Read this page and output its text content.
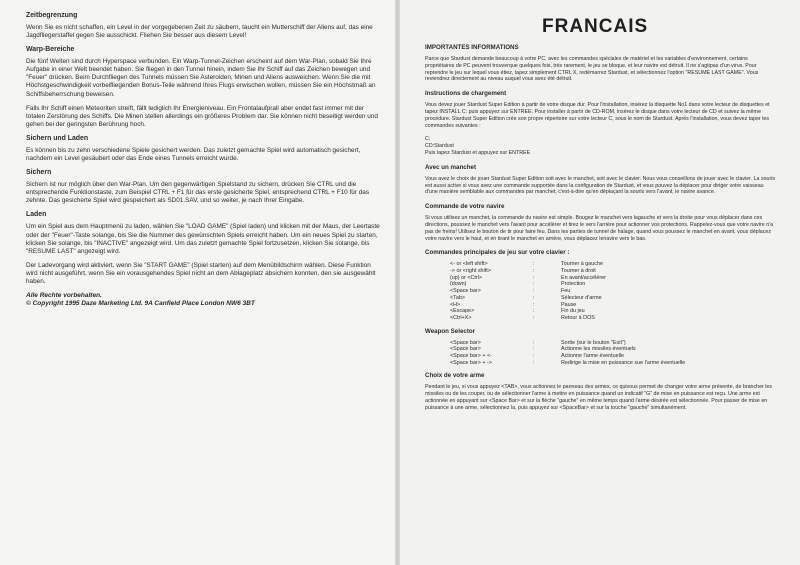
Zeitbegrenzung

Wenn Sie es nicht schaffen, ein Level in der vorgegebenen Zeit zu säubern, taucht ein Mutterschiff der Aliens auf, das eine Jagdfliegerstaffel gegen Sie ausschickt. Fliehen Sie besser aus diesem Level!

Warp-Bereiche

Die fünf Welten sind durch Hyperspace verbunden. Ein Warp-Tunnel-Zeichen erscheint auf dem War-Plan, sobald Sie Ihre Aufgabe in einer Welt beendet haben. Sie fliegen in den Tunnel hinein, indem Sie Ihr Schiff auf das Zeichen bewegen und "Feuer" drücken. Beim Durchfliegen des Tunnels müssen Sie Asteroiden, Minen und Aliens ausweichen. Wenn Sie die mit Höchstgeschwindigkeit vorbeifliegenden Bonus-Teile während Ihres Flugs erwischen wollen, müssen Sie ein Höchstmaß an Schiffsbeherrschung beweisen.

Falls Ihr Schiff einen Meteoriten streift, fällt lediglich Ihr Energieniveau. Ein Frontalaufprall aber endet fast immer mit der totalen Zerstörung des Schiffs. Die Minen stellen allerdings ein größeres Problem dar. Sie können nicht beseitigt werden und gehen bei der geringsten Berührung hoch.

Sichern und Laden

Es können bis zu zehn verschiedene Spiele gesichert werden. Das zuletzt gemachte Spiel wird automatisch gesichert, nachdem ein Level gesäubert oder das Ende eines Tunnels erreicht wurde.

Sichern

Sichern ist nur möglich über den War-Plan. Um den gegenwärtigen Spielstand zu sichern, drücken Sie CTRL und die entsprechende Funktionstaste, zum Beispiel CTRL + F1 für das erste gesicherte Spiel, entsprechend CTRL + F10 für das zehnte. Das gesicherte Spiel wird gespeichert als SD01.SAV, und so weiter, je nach Ihrer Eingabe.

Laden

Um ein Spiel aus dem Hauptmenü zu laden, wählen Sie "LOAD GAME" (Spiel laden) und klicken mit der Maus, der Leertaste oder der "Feuer"-Taste solange, bis Sie die Nummer des gewünschten Spiels erreicht haben. Um ein neues Spiel zu starten, klicken Sie solange, bis "INACTIVE" angezeigt wird. Um das zuletzt gemachte Spiel fortzusetzen, klicken Sie solange, bis "RESUME LAST" angezeigt wird.

Der Ladevorgang wird aktiviert, wenn Sie "START GAME" (Spiel starten) auf dem Menübildschirm wählen. Diese Funktion wird nicht ausgeführt, wenn Sie ein vorausgehendes Spiel nicht an dem Ablageplatz absichern konnten, den sie ausgewählt haben.

Alle Rechte vorbehalten.
© Copyright 1995 Daze Marketing Ltd. 9A Canfield Place London NW6 3BT
FRANCAIS
IMPORTANTES INFORMATIONS

Parce que Stardust demande beaucoup à votre PC, avec les commandes spéciales de matériel et les variables d'environnement, certains propriétaires de PC peuvent trouverque quelques fois, très rarement, le jeu se bloque, et leur navire est détruit. Il ne s'agitpas d'un virus. Pour reprendre le jeu sur lequel vous étiez, tapez simplement CTRL X, redémarrez Stardust, et sélectionnez l'option "RESUME LAST GAME". Vous reviendrez directement au niveau auquel vous avez été détruit.

Instructions de chargement

Vous devez jouer Stardust Super Edition à partir de votre disque dur. Pour l'installation, insérez la disquette No1 dans votre lecteur de disquettes et tapez INSTALL C: puis appuyez sur ENTREE. Pour installer à partir de CD-ROM, insérez le disque dans votre lecteur de CD et suivez la même procédure. Stardust Super Edition crée son propre répertoire sur votre lecteur C, sous le nom de Stardust. Aprés l'installation, vous devez taper les commandes suivantes :

C:
CD:Stardust
Puis tapez Stardust et appuyez sur ENTREE

Avec un manchet

Vous avez le choix de jouer Stardust Super Edition soit avec le manchet, soit avec le clavier. Nous vous conseillons de jouer avec le clavier. La souris est aussi active si vous avez une commande supportée dans la configuration de Stardust, et vous pouvez la déplacer pour diriger votre vaisseau d'une manière semblable aux commandes par manchet, c'est-à-dire qu'en déplaçant la souris vers l'avant, le navire avance.

Commande de votre navire

Si vous utilisez un manchet, la commande du navire est simple. Bougez le manchet vers lagauche et vers la droite pour vous déplacer dans ces directions, poussez le manchet vers l'avant pour accélérer et tirez le vers l'arrière pour actionner vos protections. Rappelez-vous que votre navire n'a pas de freins! Utilisez le bouton de tir pour faire feu. Dans les parties de tunnel de halage, quand vous poussez le manchet en avant, vous déplacez votre navire vers le haut, et en tirant le manchet en arrière, vous déplacez lenavire vers le bas.

Commandes principales de jeu sur votre clavier :
<- or <left shift>	:	Tourner à gauche
-> or <right shift>	:	Tourner à droit
(up) or <Ctrl>	:	En avant/accélérer
(down)	:	Protection
<Space bar>	:	Feu
<Tab>	:	Sélecteur d'arme
<H>	:	Pause
<Escape>	:	Fin du jeu
<Ctrl+X>	:	Retour à DOS
Weapon Selector
<Space bar>	:	Sortie (sur le bouton "Exit")
<Space bar>	:	Actionne les missiles éventuels
<Space bar> + <-	:	Actionne l'arme éventuelle
<Space bar> + ->	:	Redirige la mise en puissance sue l'arme éventuelle
Choix de votre arme

Pendant le jeu, si vous appuyez <TAB>, vous actionnez le panneau des armes, ce quivous permet de changer votre arme présente, de brancher les missiles ou de les couper, ou de sélectionner l'arme à mettre en puissance quand un indicatif "G" de mise en puissance est reçu. Une arme est actionnée en appuyant sur <Space Bar> et sur la flèche "gauche" en même temps quand l'arme désirée est sélectionnée. Pour passer de mise en puissance à une arme, sélectionnez la, puis appuyez sur <SpaceBar> et sur la touche "gauche" simultanément.
